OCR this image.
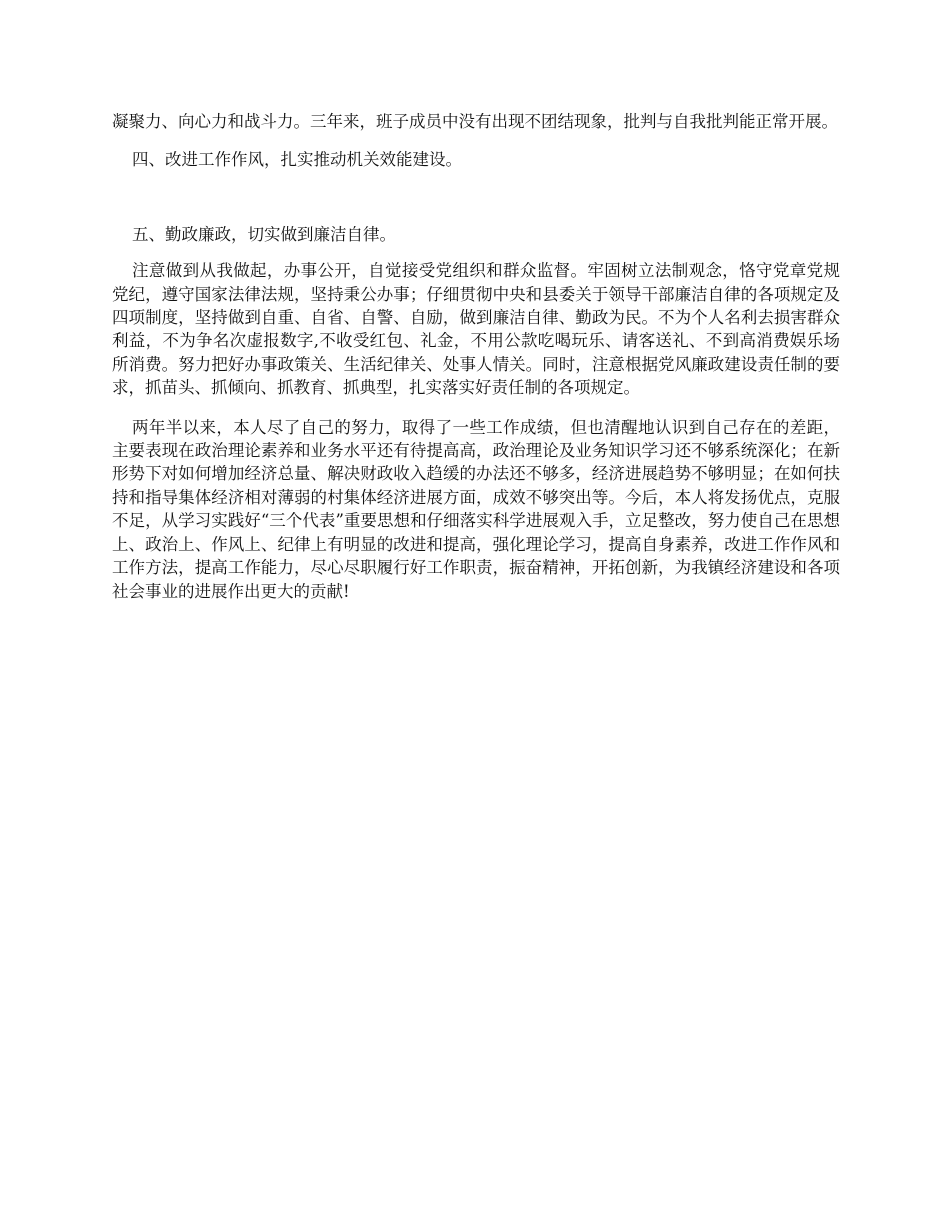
凝聚力、向心力和战斗力。三年来，班子成员中没有出现不团结现象，批判与自我批判能正常开展。

四、改进工作作风，扎实推动机关效能建设。

五、勤政廉政，切实做到廉洁自律。

注意做到从我做起，办事公开，自觉接受党组织和群众监督。牢固树立法制观念，恪守党章党规党纪，遵守国家法律法规，坚持秉公办事；仔细贯彻中央和县委关于领导干部廉洁自律的各项规定及四项制度，坚持做到自重、自省、自警、自励，做到廉洁自律、勤政为民。不为个人名利去损害群众利益，不为争名次虚报数字,不收受红包、礼金，不用公款吃喝玩乐、请客送礼、不到高消费娱乐场所消费。努力把好办事政策关、生活纪律关、处事人情关。同时，注意根据党风廉政建设责任制的要求，抓苗头、抓倾向、抓教育、抓典型，扎实落实好责任制的各项规定。

两年半以来，本人尽了自己的努力，取得了一些工作成绩，但也清醒地认识到自己存在的差距，主要表现在政治理论素养和业务水平还有待提高高，政治理论及业务知识学习还不够系统深化；在新形势下对如何增加经济总量、解决财政收入趋缓的办法还不够多，经济进展趋势不够明显；在如何扶持和指导集体经济相对薄弱的村集体经济进展方面，成效不够突出等。今后，本人将发扬优点，克服不足，从学习实践好“三个代表”重要思想和仔细落实科学进展观入手，立足整改，努力使自己在思想上、政治上、作风上、纪律上有明显的改进和提高，强化理论学习，提高自身素养，改进工作作风和工作方法，提高工作能力，尽心尽职履行好工作职责，振奋精神，开拓创新，为我镇经济建设和各项社会事业的进展作出更大的贡献!
